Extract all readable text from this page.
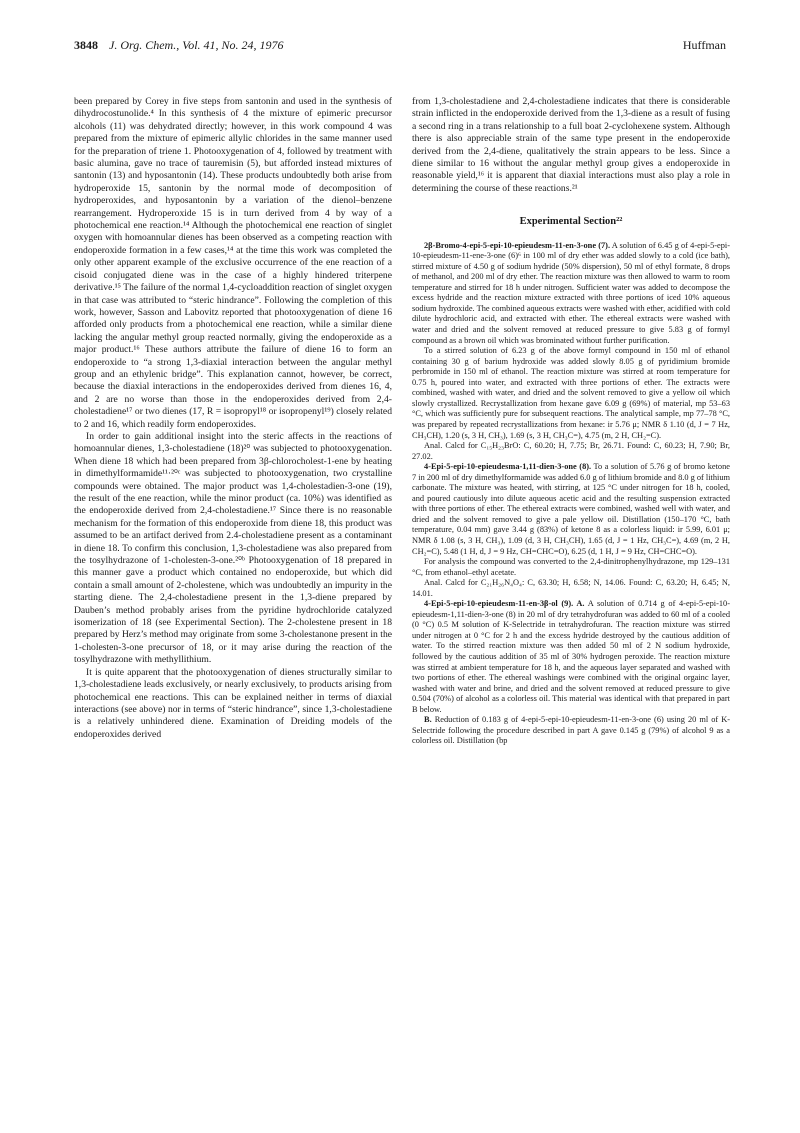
3848 J. Org. Chem., Vol. 41, No. 24, 1976	Huffman

been prepared by Corey in five steps from santonin and used in the synthesis of dihydrocostunolide.⁴ In this synthesis of 4 the mixture of epimeric precursor alcohols (11) was dehydrated directly; however, in this work compound 4 was prepared from the mixture of epimeric allylic chlorides in the same manner used for the preparation of triene 1. Photooxygenation of 4, followed by treatment with basic alumina, gave no trace of tauremisin (5), but afforded instead mixtures of santonin (13) and hyposantonin (14). These products undoubtedly both arise from hydroperoxide 15, santonin by the normal mode of decomposition of hydroperoxides, and hyposantonin by a variation of the dienol–benzene rearrangement. Hydroperoxide 15 is in turn derived from 4 by way of a photochemical ene reaction.¹⁴ Although the photochemical ene reaction of singlet oxygen with homoannular dienes has been observed as a competing reaction with endoperoxide formation in a few cases,¹⁴ at the time this work was completed the only other apparent example of the exclusive occurrence of the ene reaction of a cisoid conjugated diene was in the case of a highly hindered triterpene derivative.¹⁵ The failure of the normal 1,4-cycloaddition reaction of singlet oxygen in that case was attributed to “steric hindrance”. Following the completion of this work, however, Sasson and Labovitz reported that photooxygenation of diene 16 afforded only products from a photochemical ene reaction, while a similar diene lacking the angular methyl group reacted normally, giving the endoperoxide as a major product.¹⁶ These authors attribute the failure of diene 16 to form an endoperoxide to “a strong 1,3-diaxial interaction between the angular methyl group and an ethylenic bridge”. This explanation cannot, however, be correct, because the diaxial interactions in the endoperoxides derived from dienes 16, 4, and 2 are no worse than those in the endoperoxides derived from 2,4-cholestadiene¹⁷ or two dienes (17, R = isopropyl¹⁸ or isopropenyl¹⁹) closely related to 2 and 16, which readily form endoperoxides.

In order to gain additional insight into the steric affects in the reactions of homoannular dienes, 1,3-cholestadiene (18)²⁰ was subjected to photooxygenation. When diene 18 which had been prepared from 3β-chlorocholest-1-ene by heating in dimethylformamide¹¹·²⁰ᶜ was subjected to photooxygenation, two crystalline compounds were obtained. The major product was 1,4-cholestadien-3-one (19), the result of the ene reaction, while the minor product (ca. 10%) was identified as the endoperoxide derived from 2,4-cholestadiene.¹⁷ Since there is no reasonable mechanism for the formation of this endoperoxide from diene 18, this product was assumed to be an artifact derived from 2.4-cholestadiene present as a contaminant in diene 18. To confirm this conclusion, 1,3-cholestadiene was also prepared from the tosylhydrazone of 1-cholesten-3-one.²⁰ᵇ Photooxygenation of 18 prepared in this manner gave a product which contained no endoperoxide, but which did contain a small amount of 2-cholestene, which was undoubtedly an impurity in the starting diene. The 2,4-cholestadiene present in the 1,3-diene prepared by Dauben’s method probably arises from the pyridine hydrochloride catalyzed isomerization of 18 (see Experimental Section). The 2-cholestene present in 18 prepared by Herz’s method may originate from some 3-cholestanone present in the 1-cholesten-3-one precursor of 18, or it may arise during the reaction of the tosylhydrazone with methyllithium.

It is quite apparent that the photooxygenation of dienes structurally similar to 1,3-cholestadiene leads exclusively, or nearly exclusively, to products arising from photochemical ene reactions. This can be explained neither in terms of diaxial interactions (see above) nor in terms of “steric hindrance”, since 1,3-cholestadiene is a relatively unhindered diene. Examination of Dreiding models of the endoperoxides derived

from 1,3-cholestadiene and 2,4-cholestadiene indicates that there is considerable strain inflicted in the endoperoxide derived from the 1,3-diene as a result of fusing a second ring in a trans relationship to a full boat 2-cyclohexene system. Although there is also appreciable strain of the same type present in the endoperoxide derived from the 2,4-diene, qualitatively the strain appears to be less. Since a diene similar to 16 without the angular methyl group gives a endoperoxide in reasonable yield,¹⁶ it is apparent that diaxial interactions must also play a role in determining the course of these reactions.²¹

Experimental Section²²

2β-Bromo-4-epi-5-epi-10-epieudesm-11-en-3-one (7). A solution of 6.45 g of 4-epi-5-epi-10-epieudesm-11-ene-3-one (6)⁶ in 100 ml of dry ether was added slowly to a cold (ice bath), stirred mixture of 4.50 g of sodium hydride (50% dispersion), 50 ml of ethyl formate, 8 drops of methanol, and 200 ml of dry ether. The reaction mixture was then allowed to warm to room temperature and stirred for 18 h under nitrogen. Sufficient water was added to decompose the excess hydride and the reaction mixture extracted with three portions of iced 10% aqueous sodium hydroxide. The combined aqueous extracts were washed with ether, acidified with cold dilute hydrochloric acid, and extracted with ether. The ethereal extracts were washed with water and dried and the solvent removed at reduced pressure to give 5.83 g of formyl compound as a brown oil which was brominated without further purification.

To a stirred solution of 6.23 g of the above formyl compound in 150 ml of ethanol containing 30 g of barium hydroxide was added slowly 8.05 g of pyridimium bromide perbromide in 150 ml of ethanol. The reaction mixture was stirred at room temperature for 0.75 h, poured into water, and extracted with three portions of ether. The extracts were combined, washed with water, and dried and the solvent removed to give a yellow oil which slowly crystallized. Recrystallization from hexane gave 6.09 g (69%) of material, mp 53–63 °C, which was sufficiently pure for subsequent reactions. The analytical sample, mp 77–78 °C, was prepared by repeated recrystallizations from hexane: ir 5.76 μ; NMR δ 1.10 (d, J = 7 Hz, CH₃CH), 1.20 (s, 3 H, CH₃), 1.69 (s, 3 H, CH₃C=), 4.75 (m, 2 H, CH₂=C).

Anal. Calcd for C₁₅H₂₃BrO: C, 60.20; H, 7.75; Br, 26.71. Found: C, 60.23; H, 7.90; Br, 27.02.

4-Epi-5-epi-10-epieudesma-1,11-dien-3-one (8). To a solution of 5.76 g of bromo ketone 7 in 200 ml of dry dimethylformamide was added 6.0 g of lithium bromide and 8.0 g of lithium carbonate. The mixture was heated, with stirring, at 125 °C under nitrogen for 18 h, cooled, and poured cautiously into dilute aqueous acetic acid and the resulting suspension extracted with three portions of ether. The ethereal extracts were combined, washed well with water, and dried and the solvent removed to give a pale yellow oil. Distillation (150–170 °C, bath temperature, 0.04 mm) gave 3.44 g (83%) of ketone 8 as a colorless liquid: ir 5.99, 6.01 μ; NMR δ 1.08 (s, 3 H, CH₃), 1.09 (d, 3 H, CH₃CH), 1.65 (d, J = 1 Hz, CH₃C=), 4.69 (m, 2 H, CH₂=C), 5.48 (1 H, d, J = 9 Hz, CH=CHC=O), 6.25 (d, 1 H, J = 9 Hz, CH=CHC=O).

For analysis the compound was converted to the 2,4-dinitrophenylhydrazone, mp 129–131 °C, from ethanol–ethyl acetate.

Anal. Calcd for C₂₁H₂₆N₄O₄: C, 63.30; H, 6.58; N, 14.06. Found: C, 63.20; H, 6.45; N, 14.01.

4-Epi-5-epi-10-epieudesm-11-en-3β-ol (9). A. A solution of 0.714 g of 4-epi-5-epi-10-epieudesm-1,11-dien-3-one (8) in 20 ml of dry tetrahydrofuran was added to 60 ml of a cooled (0 °C) 0.5 M solution of K-Selectride in tetrahydrofuran. The reaction mixture was stirred under nitrogen at 0 °C for 2 h and the excess hydride destroyed by the cautious addition of water. To the stirred reaction mixture was then added 50 ml of 2 N sodium hydroxide, followed by the cautious addition of 35 ml of 30% hydrogen peroxide. The reaction mixture was stirred at ambient temperature for 18 h, and the aqueous layer separated and washed with two portions of ether. The ethereal washings were combined with the original orgainc layer, washed with water and brine, and dried and the solvent removed at reduced pressure to give 0.504 (70%) of alcohol as a colorless oil. This material was identical with that prepared in part B below.

B. Reduction of 0.183 g of 4-epi-5-epi-10-epieudesm-11-en-3-one (6) using 20 ml of K-Selectride following the procedure described in part A gave 0.145 g (79%) of alcohol 9 as a colorless oil. Distillation (bp
